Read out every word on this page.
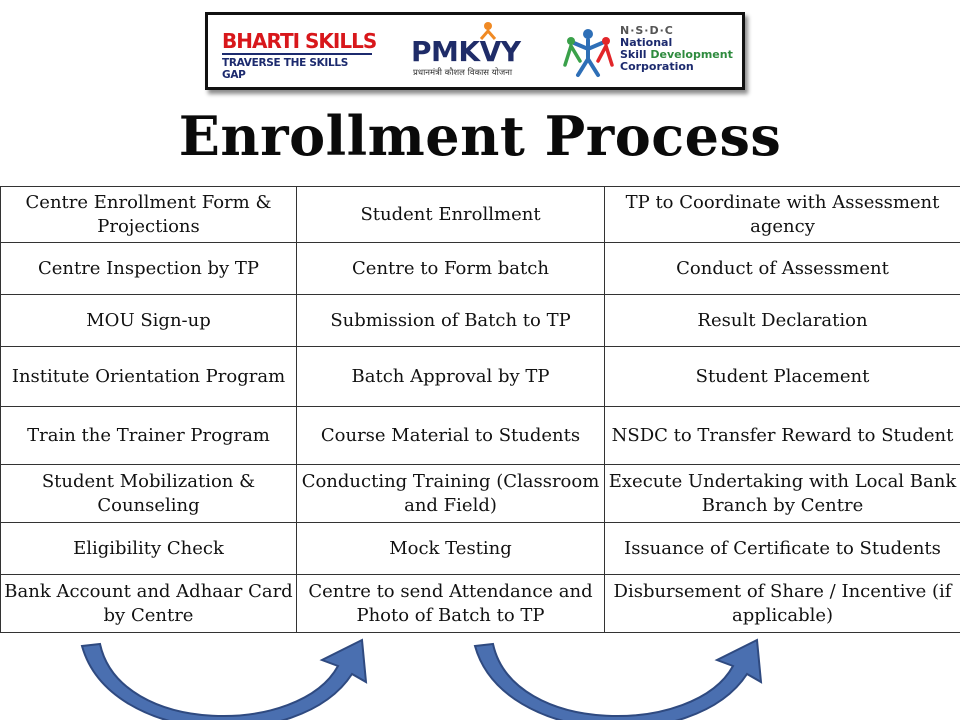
BHARTI SKILLS
TRAVERSE THE SKILLS GAP
PMKVY
प्रधानमंत्री कौशल विकास योजना
N·S·D·C
National
Skill Development
Corporation
Enrollment Process
Centre Enrollment Form & Projections	Student Enrollment	TP to Coordinate with Assessment agency
Centre Inspection by TP	Centre to Form batch	Conduct of Assessment
MOU Sign-up	Submission of Batch to TP	Result Declaration
Institute Orientation Program	Batch Approval by TP	Student Placement
Train the Trainer Program	Course Material to Students	NSDC to Transfer Reward to Student
Student Mobilization & Counseling	Conducting Training (Classroom and Field)	Execute Undertaking with Local Bank Branch by Centre
Eligibility Check	Mock Testing	Issuance of Certificate to Students
Bank Account and Adhaar Card by Centre	Centre to send Attendance and Photo of Batch to TP	Disbursement of Share / Incentive (if applicable)
